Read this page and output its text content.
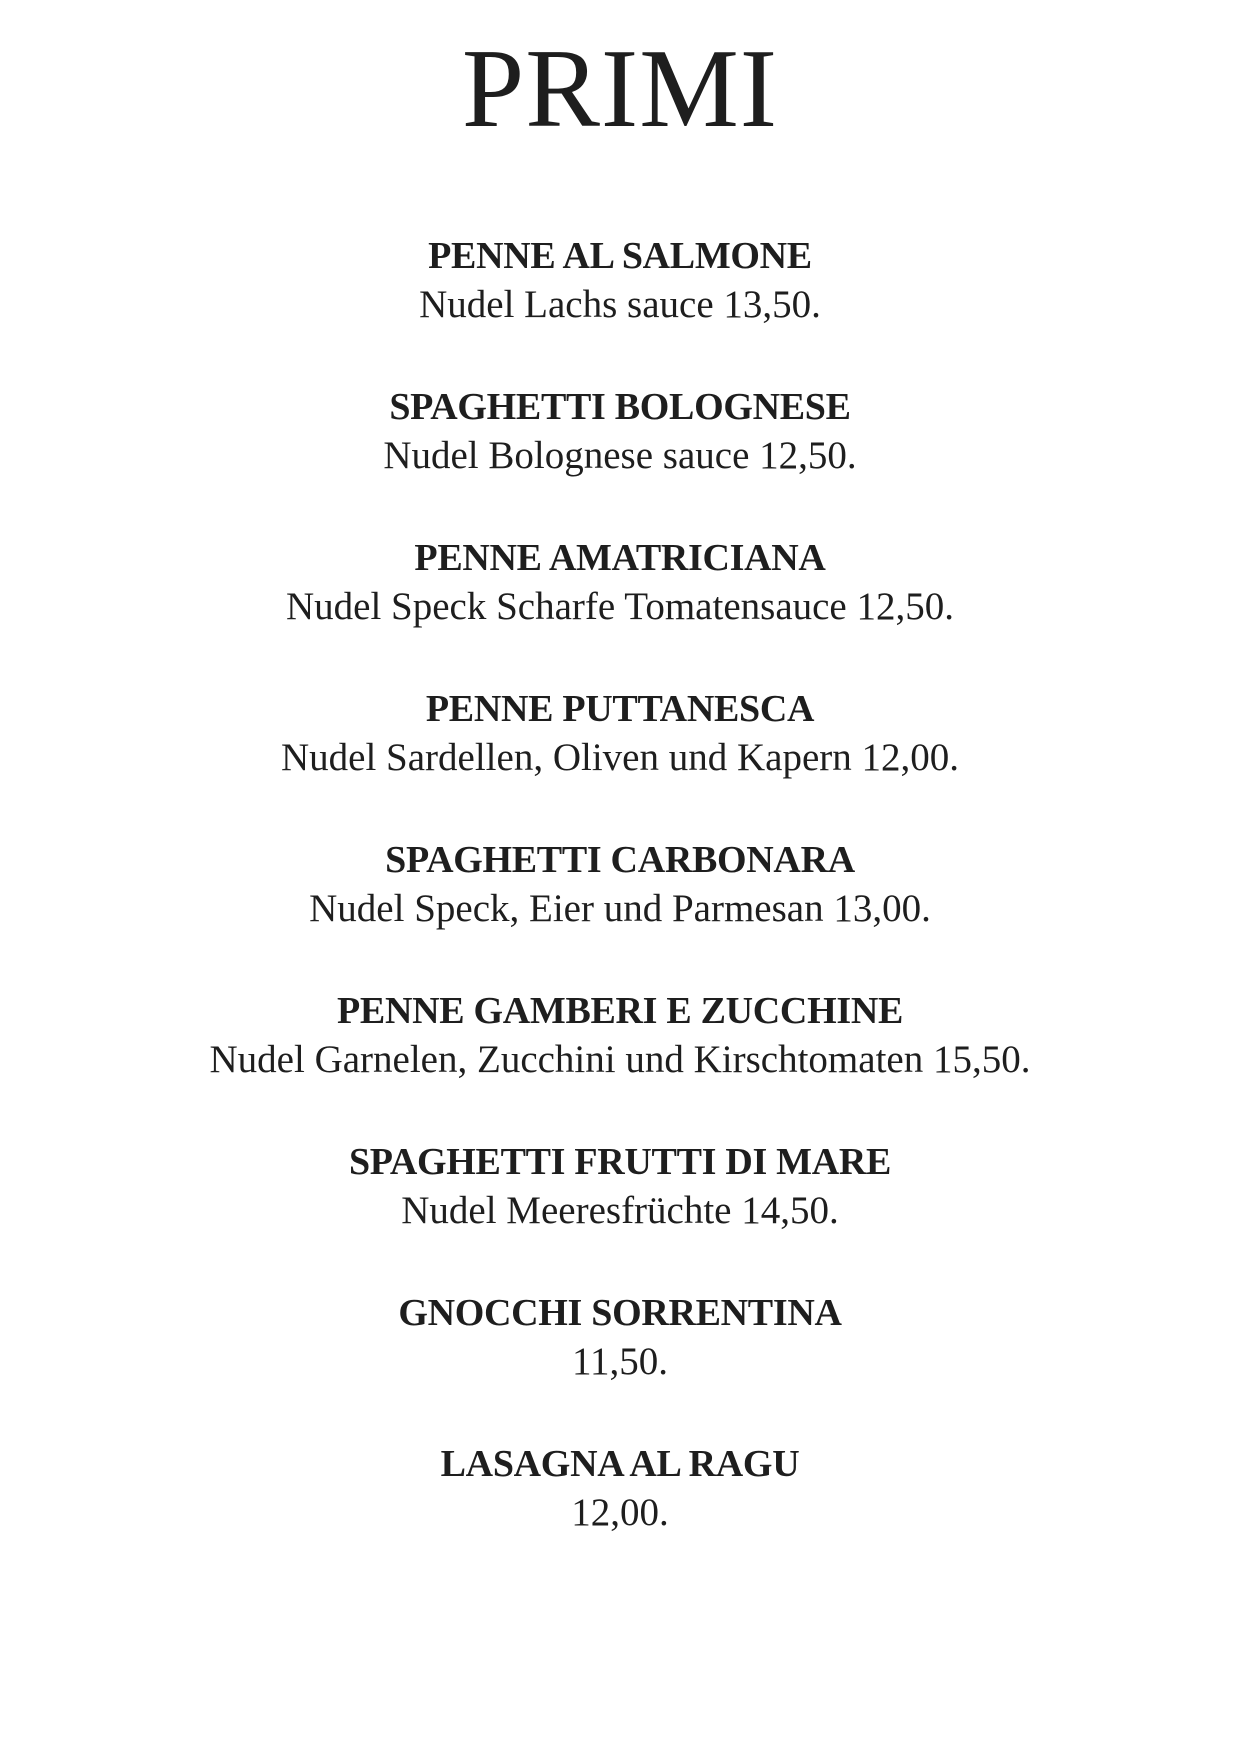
PRIMI
PENNE AL SALMONE
Nudel Lachs sauce 13,50.
SPAGHETTI BOLOGNESE
Nudel Bolognese sauce 12,50.
PENNE AMATRICIANA
Nudel Speck Scharfe Tomatensauce 12,50.
PENNE PUTTANESCA
Nudel Sardellen, Oliven und Kapern 12,00.
SPAGHETTI CARBONARA
Nudel Speck, Eier und Parmesan 13,00.
PENNE GAMBERI E ZUCCHINE
Nudel Garnelen, Zucchini und Kirschtomaten 15,50.
SPAGHETTI FRUTTI DI MARE
Nudel Meeresfrüchte 14,50.
GNOCCHI SORRENTINA
11,50.
LASAGNA AL RAGU
12,00.
